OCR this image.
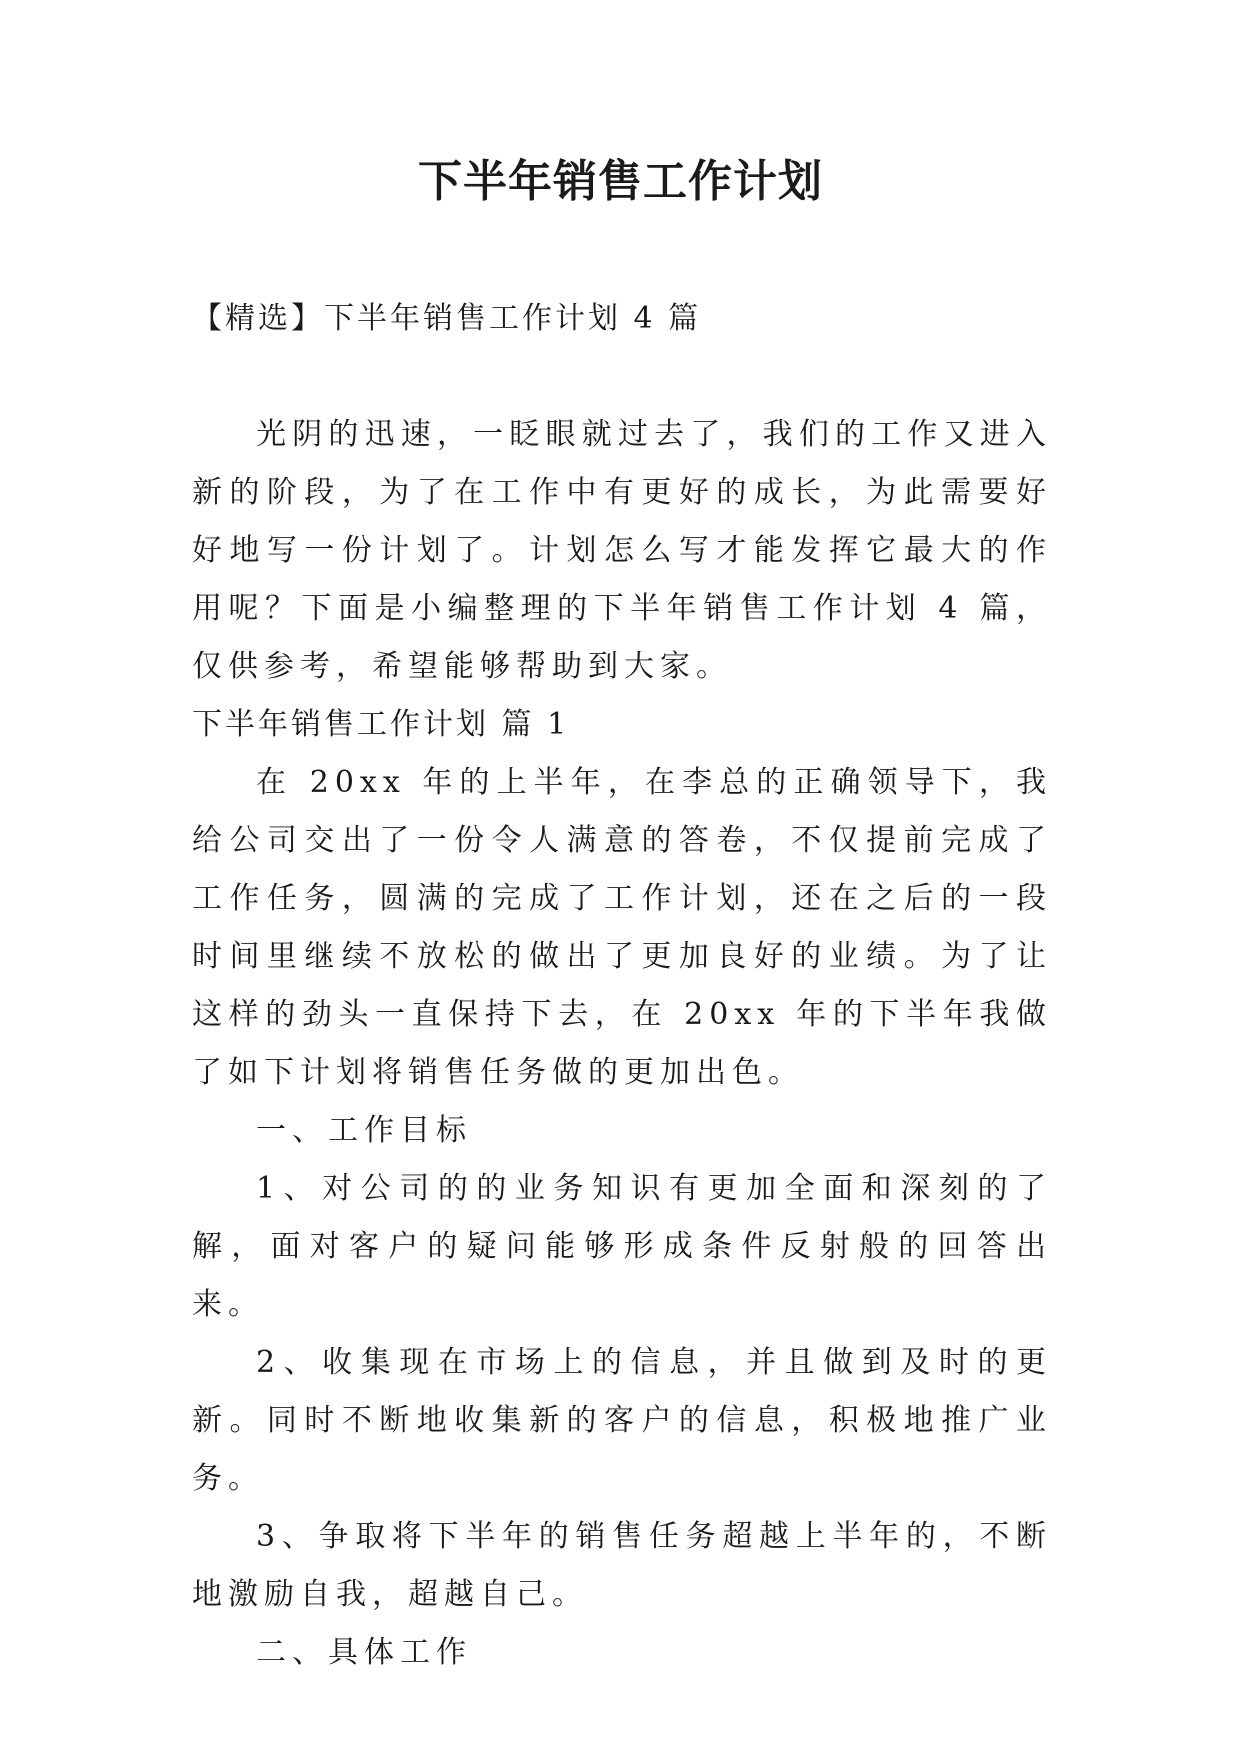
下半年销售工作计划

【精选】下半年销售工作计划 4 篇

光阴的迅速，一眨眼就过去了，我们的工作又进入新的阶段，为了在工作中有更好的成长，为此需要好好地写一份计划了。计划怎么写才能发挥它最大的作用呢？下面是小编整理的下半年销售工作计划 4 篇，仅供参考，希望能够帮助到大家。

下半年销售工作计划 篇 1

在 20xx 年的上半年，在李总的正确领导下，我给公司交出了一份令人满意的答卷，不仅提前完成了工作任务，圆满的完成了工作计划，还在之后的一段时间里继续不放松的做出了更加良好的业绩。为了让这样的劲头一直保持下去，在 20xx 年的下半年我做了如下计划将销售任务做的更加出色。

一、工作目标

1、对公司的的业务知识有更加全面和深刻的了解，面对客户的疑问能够形成条件反射般的回答出来。

2、收集现在市场上的信息，并且做到及时的更新。同时不断地收集新的客户的信息，积极地推广业务。

3、争取将下半年的销售任务超越上半年的，不断地激励自我，超越自己。

二、具体工作
